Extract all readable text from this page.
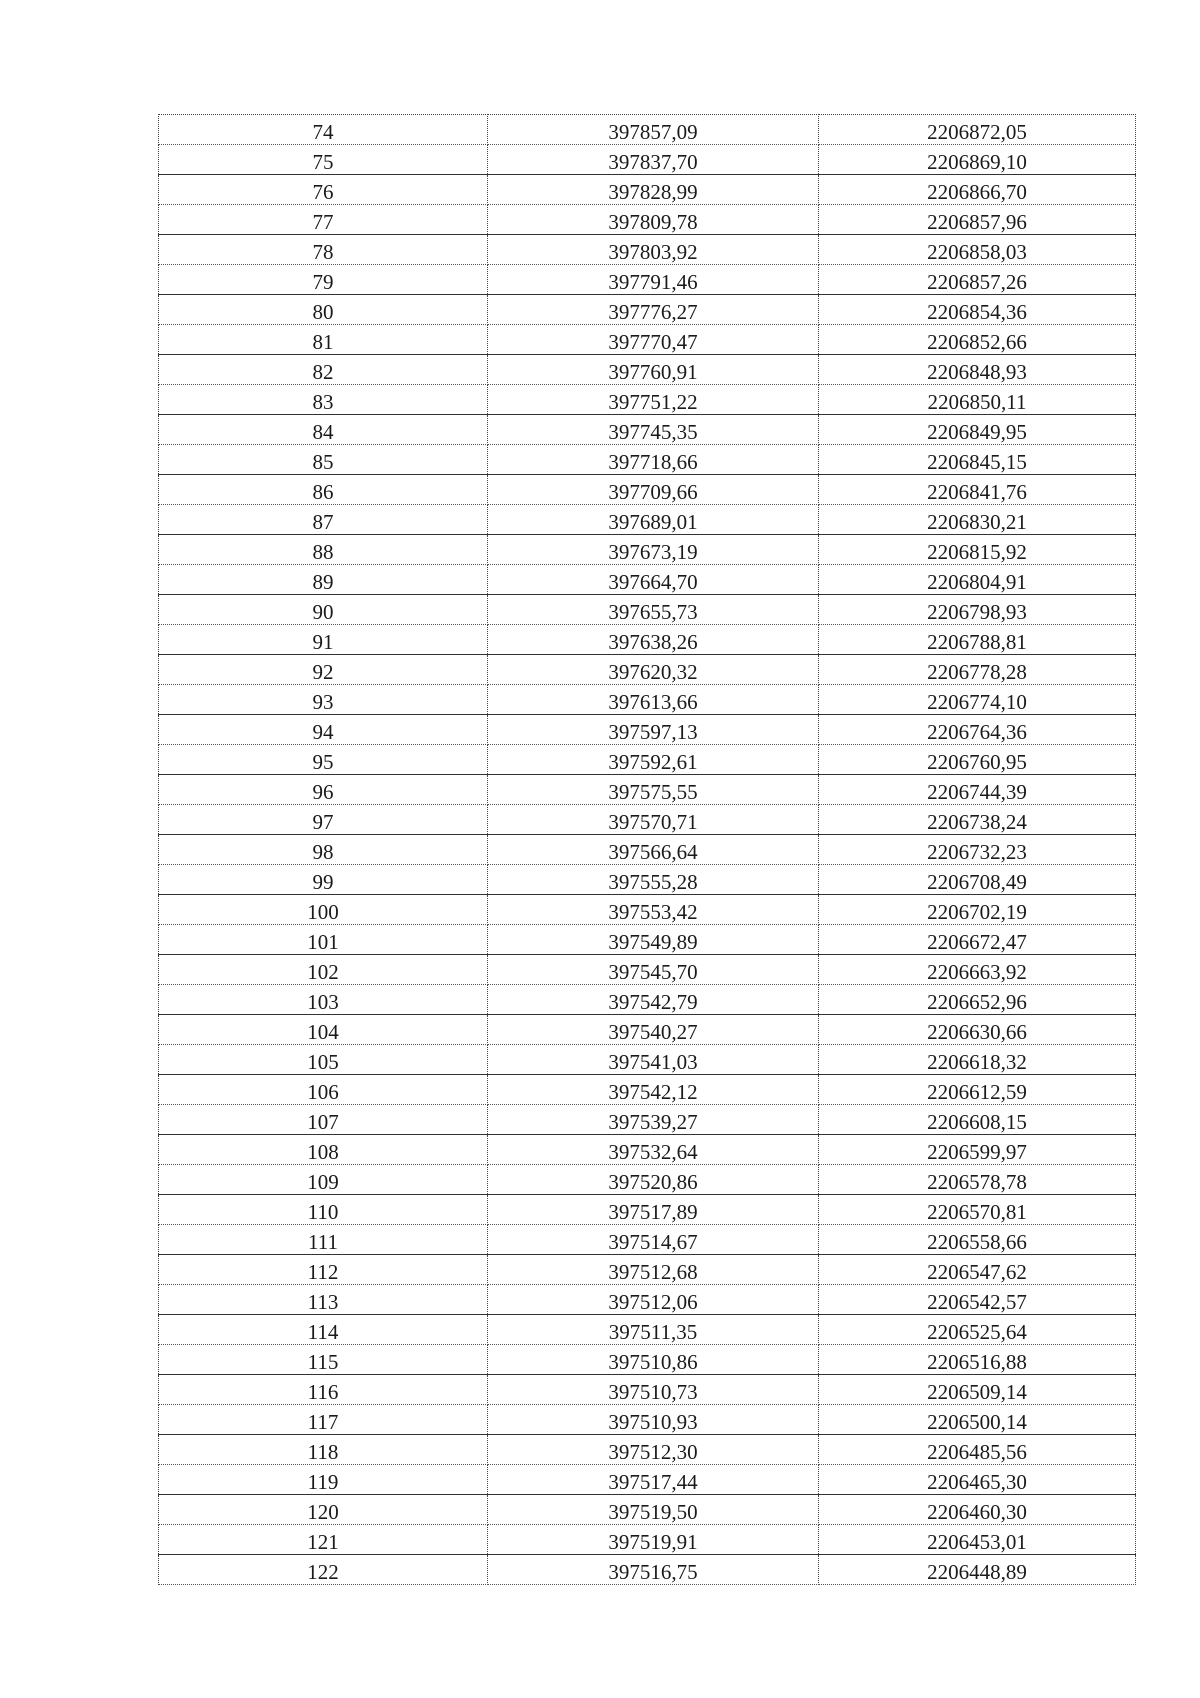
74	397857,09	2206872,05
75	397837,70	2206869,10
76	397828,99	2206866,70
77	397809,78	2206857,96
78	397803,92	2206858,03
79	397791,46	2206857,26
80	397776,27	2206854,36
81	397770,47	2206852,66
82	397760,91	2206848,93
83	397751,22	2206850,11
84	397745,35	2206849,95
85	397718,66	2206845,15
86	397709,66	2206841,76
87	397689,01	2206830,21
88	397673,19	2206815,92
89	397664,70	2206804,91
90	397655,73	2206798,93
91	397638,26	2206788,81
92	397620,32	2206778,28
93	397613,66	2206774,10
94	397597,13	2206764,36
95	397592,61	2206760,95
96	397575,55	2206744,39
97	397570,71	2206738,24
98	397566,64	2206732,23
99	397555,28	2206708,49
100	397553,42	2206702,19
101	397549,89	2206672,47
102	397545,70	2206663,92
103	397542,79	2206652,96
104	397540,27	2206630,66
105	397541,03	2206618,32
106	397542,12	2206612,59
107	397539,27	2206608,15
108	397532,64	2206599,97
109	397520,86	2206578,78
110	397517,89	2206570,81
111	397514,67	2206558,66
112	397512,68	2206547,62
113	397512,06	2206542,57
114	397511,35	2206525,64
115	397510,86	2206516,88
116	397510,73	2206509,14
117	397510,93	2206500,14
118	397512,30	2206485,56
119	397517,44	2206465,30
120	397519,50	2206460,30
121	397519,91	2206453,01
122	397516,75	2206448,89
